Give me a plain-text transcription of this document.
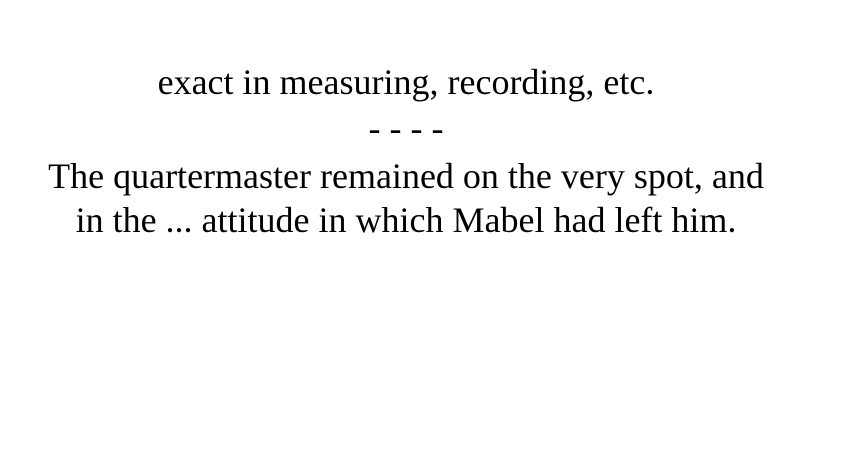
exact in measuring, recording, etc.
- - - -
The quartermaster remained on the very spot, and in the ... attitude in which Mabel had left him.
